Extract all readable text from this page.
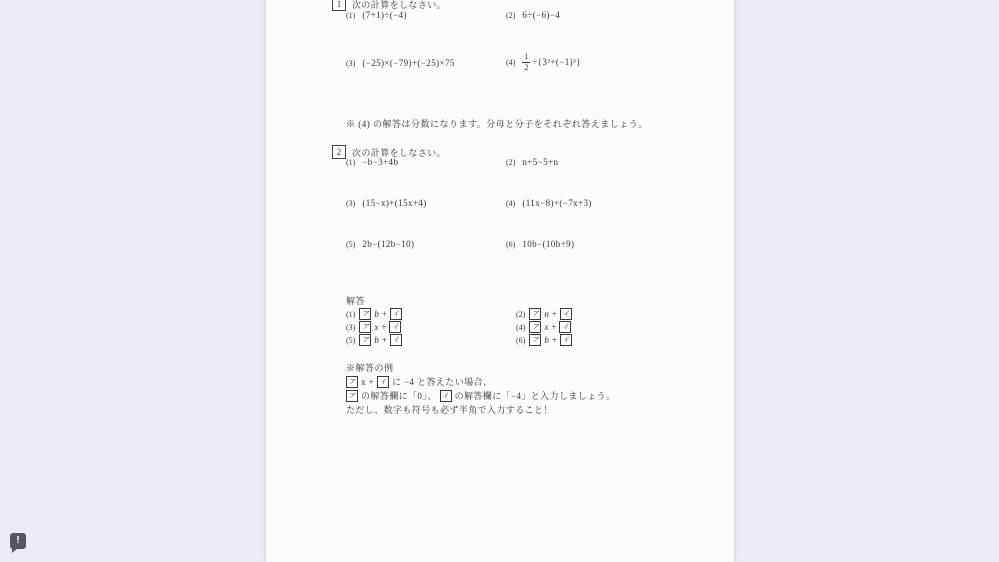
1	次の計算をしなさい。
(1) (7+1)÷(−4)	(2) 6÷(−6)−4
(3) (−25)×(−79)+(−25)×75	$(4) \frac{1}{2} \div\{3^2+(-1)^3\}$
※ (4) の解答は分数になります。分母と分子をそれぞれ答えましょう。
2	次の計算をしなさい。
(1) −b−3+4b	(2) n+5−5+n
(3) (15−x)+(15x+4)	(4) (11x−8)+(−7x+3)
(5) 2b−(12b−10)	(6) 10b−(10b+9)
解答
(1) ア b + イ	(2) ア n + イ
(3) ア x + イ	(4) ア x + イ
(5) ア b + イ	(6) ア b + イ
※解答の例
ア x + イ に −4 と答えたい場合、
ア の解答欄に「0」、 イ の解答欄に「−4」と入力しましょう。
ただし、数字も符号も必ず半角で入力すること！
!
